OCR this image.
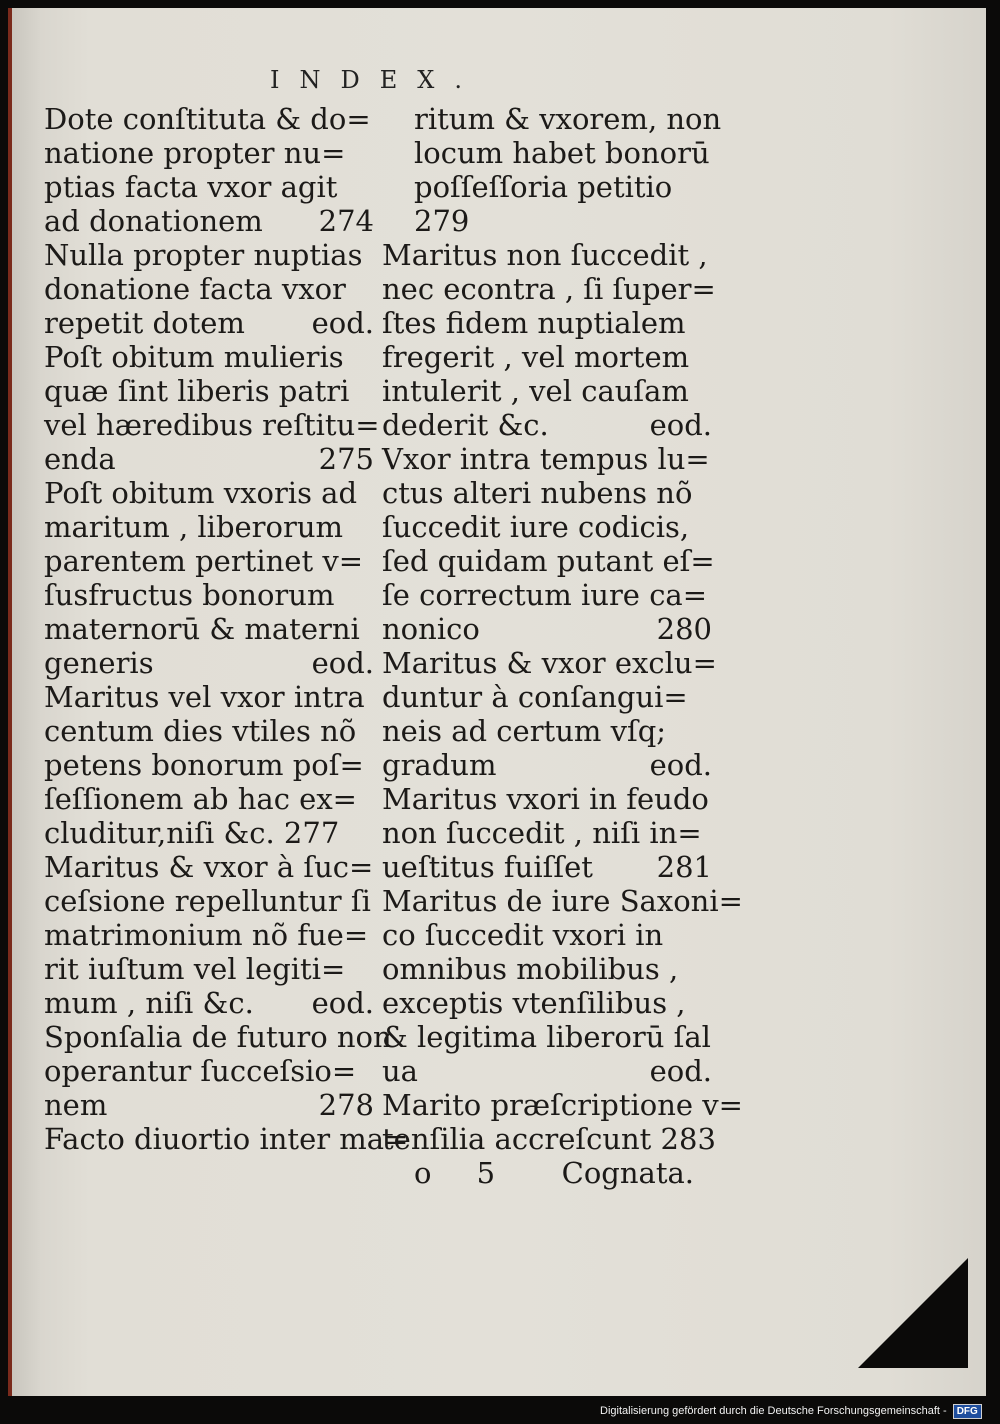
INDEX.
Dote conſtituta & do=
natione propter nu=
ptias facta vxor agit
ad donationem 274
Nulla propter nuptias
donatione facta vxor
repetit dotem eod.
Poſt obitum mulieris
quæ ſint liberis patri
vel hæredibus reſtitu=
enda	275
Poſt obitum vxoris ad
maritum , liberorum
parentem pertinet v=
ſusfructus bonorum
maternorū & materni
generis	eod.
Maritus vel vxor intra
centum dies vtiles nõ
petens bonorum poſ=
ſeſſionem ab hac ex=
cluditur,niſi &c. 277
Maritus & vxor à ſuc=
ceſsione repelluntur ſi
matrimonium nõ fue=
rit iuſtum vel legiti=
mum , niſi &c. eod.
Sponſalia de futuro non
operantur ſucceſsio=
nem	278
Facto diuortio inter ma=
ritum & vxorem, non
locum habet bonorū
poſſeſſoria petitio
279
Maritus non ſuccedit ,
nec econtra , ſi ſuper=
ſtes fidem nuptialem
fregerit , vel mortem
intulerit , vel cauſam
dederit &c.	eod.
Vxor intra tempus lu=
ctus alteri nubens nõ
ſuccedit iure codicis,
ſed quidam putant eſ=
ſe correctum iure ca=
nonico	280
Maritus & vxor exclu=
duntur à conſangui=
neis ad certum vſq;
gradum	eod.
Maritus vxori in feudo
non ſuccedit , niſi in=
ueſtitus fuiſſet 281
Maritus de iure Saxoni=
co ſuccedit vxori in
omnibus mobilibus ,
exceptis vtenſilibus ,
& legitima liberorū ſal
ua	eod.
Marito præſcriptione v=
tenſilia accreſcunt 283
o 5 Cognata.
Digitalisierung gefördert durch die Deutsche Forschungsgemeinschaft -	DFG
